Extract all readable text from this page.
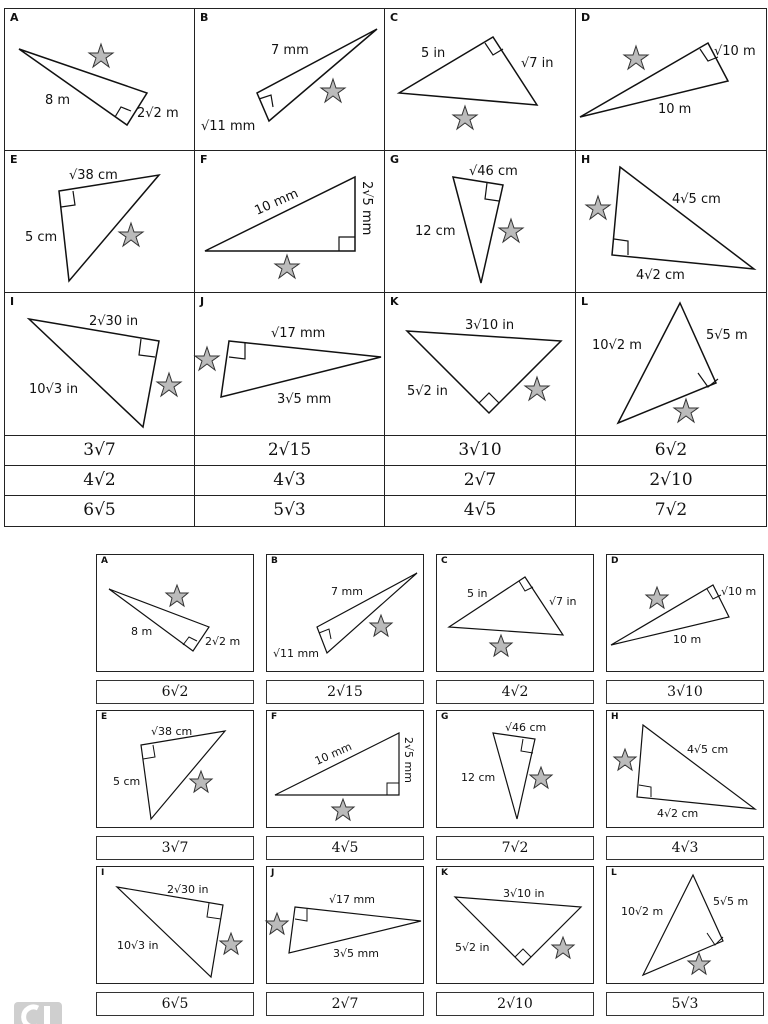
A
8 m
2√2 m
B
7 mm
√11 mm
C
5 in
√7 in
D
√10 m
10 m
E
√38 cm
5 cm
F
10 mm	2√5 mm
G
√46 cm
12 cm
H
4√5 cm
4√2 cm
I
2√30 in
10√3 in
J
√17 mm
3√5 mm
K
3√10 in
5√2 in
L
10√2 m
5√5 m
3√7	2√15	3√10	6√2
4√2	4√3	2√7	2√10
6√5	5√3	4√5	7√2
A
8 m
2√2 m
B
7 mm
√11 mm
C
5 in
√7 in
D
√10 m
10 m
6√2	2√15	4√2	3√10
E
√38 cm
5 cm
F
10 mm	2√5 mm
G
√46 cm
12 cm
H
4√5 cm
4√2 cm
3√7	4√5	7√2	4√3
I
2√30 in
10√3 in
J
√17 mm
3√5 mm
K
3√10 in
5√2 in
L
10√2 m
5√5 m
6√5	2√7	2√10	5√3
